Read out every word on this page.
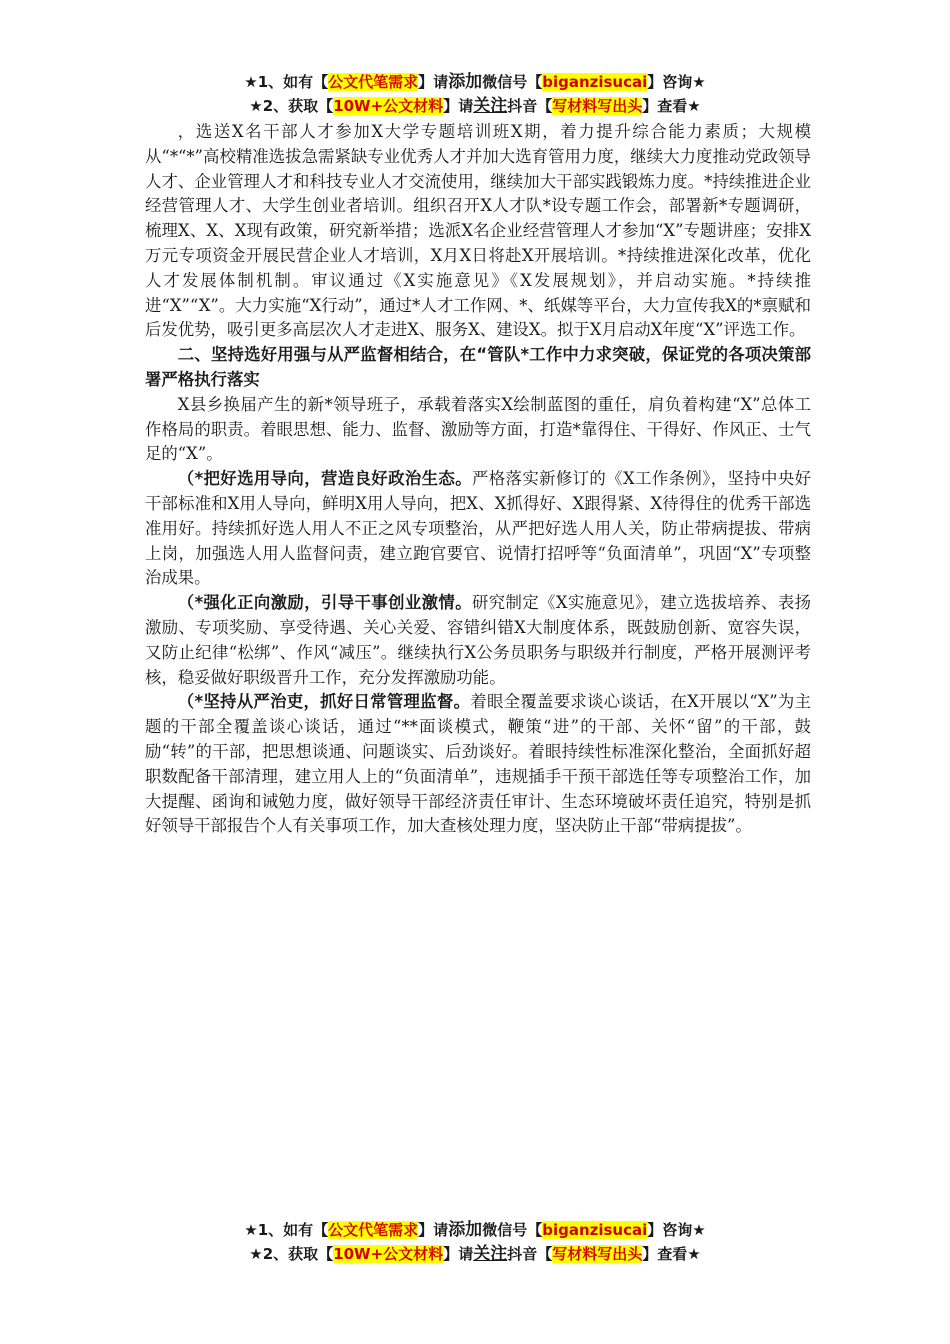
★1、如有【公文代笔需求】请添加微信号【biganzisucai】咨询★
★2、获取【10W+公文材料】请关注抖音【写材料写出头】查看★

，选送X名干部人才参加X大学专题培训班X期，着力提升综合能力素质；大规模从“*“*”高校精准选拔急需紧缺专业优秀人才并加大选育管用力度，继续大力度推动党政领导人才、企业管理人才和科技专业人才交流使用，继续加大干部实践锻炼力度。*持续推进企业经营管理人才、大学生创业者培训。组织召开X人才队*设专题工作会，部署新*专题调研，梳理X、X、X现有政策，研究新举措；选派X名企业经营管理人才参加“X”专题讲座；安排X万元专项资金开展民营企业人才培训，X月X日将赴X开展培训。*持续推进深化改革，优化人才发展体制机制。审议通过《X实施意见》《X发展规划》，并启动实施。*持续推进“X”“X”。大力实施“X行动”，通过*人才工作网、*、纸媒等平台，大力宣传我X的*禀赋和后发优势，吸引更多高层次人才走进X、服务X、建设X。拟于X月启动X年度“X”评选工作。

二、坚持选好用强与从严监督相结合，在“管队*工作中力求突破，保证党的各项决策部署严格执行落实

X县乡换届产生的新*领导班子，承载着落实X绘制蓝图的重任，肩负着构建“X”总体工作格局的职责。着眼思想、能力、监督、激励等方面，打造*靠得住、干得好、作风正、士气足的“X”。

（*把好选用导向，营造良好政治生态。严格落实新修订的《X工作条例》，坚持中央好干部标准和X用人导向，鲜明X用人导向，把X、X抓得好、X跟得紧、X待得住的优秀干部选准用好。持续抓好选人用人不正之风专项整治，从严把好选人用人关，防止带病提拔、带病上岗，加强选人用人监督问责，建立跑官要官、说情打招呼等“负面清单”，巩固“X”专项整治成果。

（*强化正向激励，引导干事创业激情。研究制定《X实施意见》，建立选拔培养、表扬激励、专项奖励、享受待遇、关心关爱、容错纠错X大制度体系，既鼓励创新、宽容失误，又防止纪律“松绑”、作风“减压”。继续执行X公务员职务与职级并行制度，严格开展测评考核，稳妥做好职级晋升工作，充分发挥激励功能。

（*坚持从严治吏，抓好日常管理监督。着眼全覆盖要求谈心谈话，在X开展以“X”为主题的干部全覆盖谈心谈话，通过“**面谈模式，鞭策“进”的干部、关怀“留”的干部，鼓励“转”的干部，把思想谈通、问题谈实、后劲谈好。着眼持续性标准深化整治，全面抓好超职数配备干部清理，建立用人上的“负面清单”，违规插手干预干部选任等专项整治工作，加大提醒、函询和诫勉力度，做好领导干部经济责任审计、生态环境破坏责任追究，特别是抓好领导干部报告个人有关事项工作，加大查核处理力度，坚决防止干部“带病提拔”。

★1、如有【公文代笔需求】请添加微信号【biganzisucai】咨询★
★2、获取【10W+公文材料】请关注抖音【写材料写出头】查看★
